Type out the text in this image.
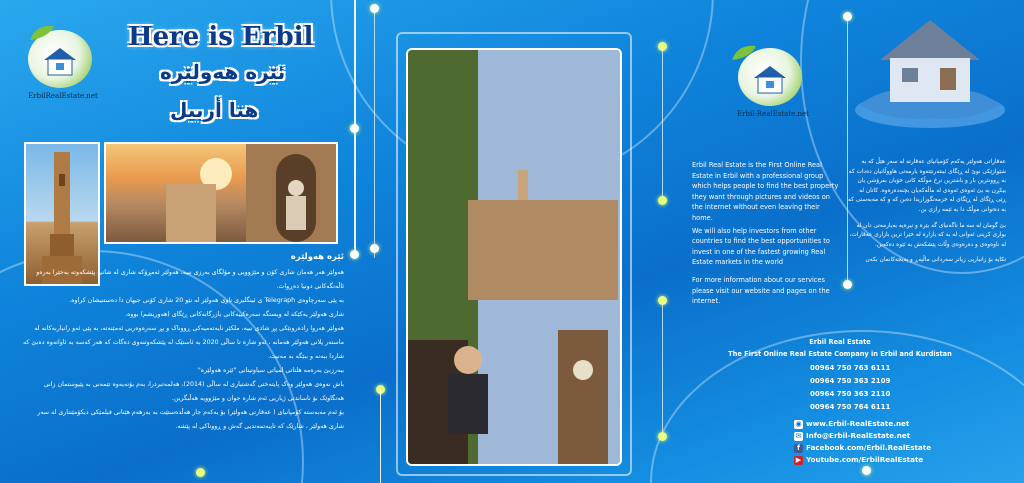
ErbilRealEstate.net
Here is Erbil
ئێرە هەولێرە
هنا أربيل
ئێرە هەولێرە

هەولێر هەر هەمان شاری کۆن و مێژوویی و مۆلگای بەرزی نییە، هەولێر ئەمڕۆکە شاری لە شانی پێشکەوتە بەخێرا بەرەو ئاڵەنگەکانی دونیا دەڕوات.

بە پێی سەرچاوەی Telegraph ی ئینگلیزی ناوی هەولێر لە نێو 20 شاری کۆنی جیهان دا دەستنیشان کراوە.

شاری هەولێر یەکێکە لە ویستگە سەرەکییەکانی بازرگانەکانی ڕێگای (هەوریشم) بووە.

هەولێر هەروا رادەرونێکی پڕ شادی نییە، ملکێر نایەتەمیەکی ڕووناک و پڕ سەرەوەریی ئەمێنەتە، بە پێی ئەو رانیاربەکانە لە ماستەر پلانی هەولێر هەمانە ، ئەو شارە تا ساڵی 2020 بە ئاستێک لە پێشکەوتنەوی دەگات کە هەر کەسە بە ئاواتەوە دەبێ کە شاردا ببەنە و ببێگە بە مەنیت.

ببەرزبێ بەرەمە هلتاتی لمیاتی سیاوتیتانی "ئێرە هەولێرە"

باش نەوەی هەولێر وەک پایتەختی گەشتیاری لە ساڵی (2014)، هەلمەتبردرا، بەم بۆنەیەوە تێمەنی بە پێیوستمان زانی هەنگاوێک بۆ ناساندنی ژیاریی ئەم شارە جوان و مێژوویە هەڵبگرین.

بۆ ئەم مەبەستە کۆمپانیای ( عەقارتی هەولێر) بۆ یەکەم جار هەڵدەستێت بە بەرهەم هێنانی فیلمێکی دیکۆمێنتاری لە سەر شاری هەولێر ، شارێک کە تایبەتمەندیی گەش و ڕووناکی لە پێشە.

Erbil-RealEstate.net

Erbil Real Estate is the First Online Real Estate in Erbil with a professional group which helps people to find the best property they want through pictures and videos on the internet without even leaving their home.

We will also help investors from other countries to find the best opportunities to invest in one of the fastest growing Real Estate markets in the world

For more information about our services please visit our website and pages on the internet.

عەقاراتی هەولێر یەکەم کۆمپانیای عەقارتە لە سەر هێڵ کە بە شێوازێکی نوێ لە ڕێگای ئینتەرنێتەوە یارمەتی هاووڵاتیان دەدات کە بە ڕوونترین بار و باشترین نرخ موڵکە کانی خۆیان بفرۆشن یان بیکڕن بە بێ ئەوەی ئەوەی لە ماڵەکەیان بچنەدەرەوە. کاتان لە ڕێی ڕێگای لە ڕێگای لە خزمەتگوزاریدا دەبن کە و کە مەبەستی کە بە دەتوانی موڵک دا بە ئێمە رازی بن.

بێ گومان لە سە ما ناگەنیای گە بێرە و نیرەیە بەیارمەتی دان لە بواری کرینی ئەوانی لە بە کە بازارە لە خێرا ترین بازاری عەقارات، لە ناوەوەی و دەرەوەی وڵات پێشکەش بە ئێوە دەکەین.

تکایە بۆ زانیاریی زیاتر سەردانی ماڵپەڕ و پەیجەکانمان بکەن

Erbil Real Estate
The First Online Real Estate Company in Erbil and Kurdistan
00964 750 763 6111
00964 750 363 2109
00964 750 363 2110
00964 750 764 6111
◉ www.Erbil-RealEstate.net
✉ Info@Erbil-RealEstate.net
f Facebook.com/Erbil.RealEstate
▶ Youtube.com/ErbilRealEstate
